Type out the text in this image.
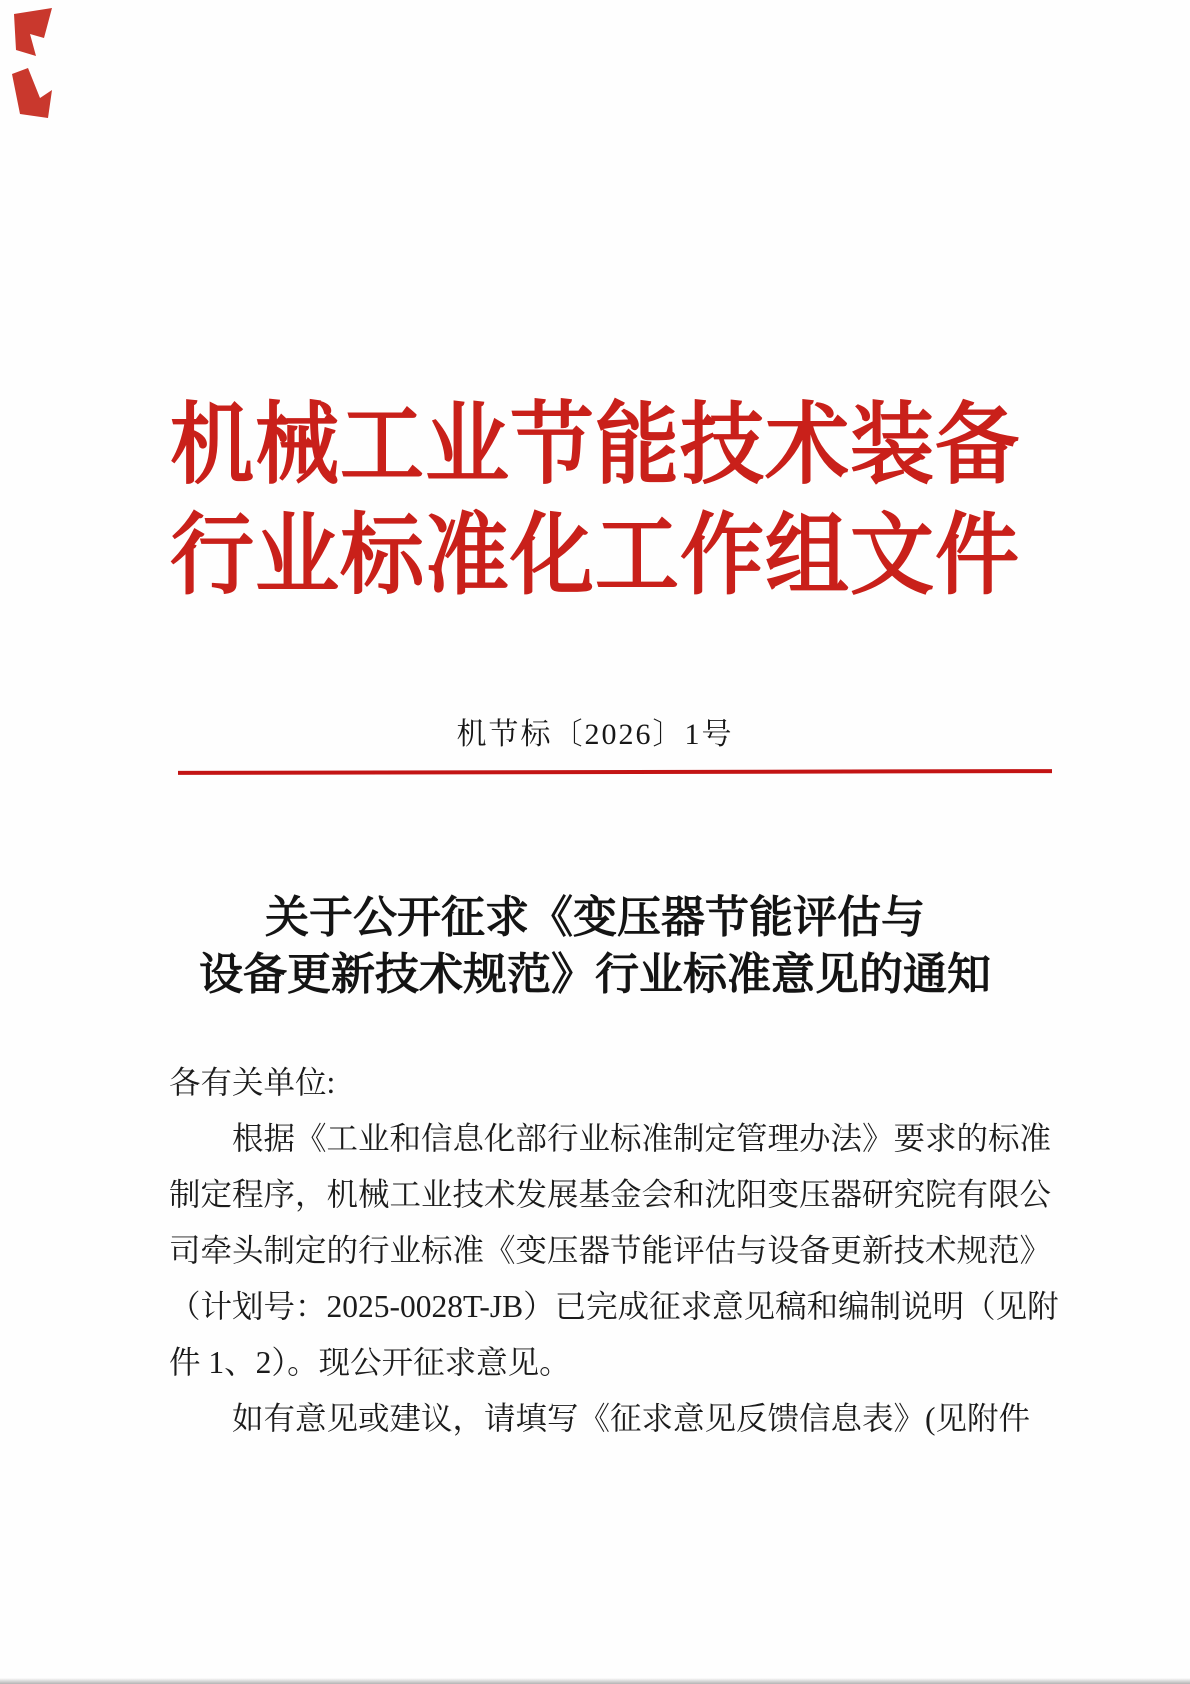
机械工业节能技术装备
行业标准化工作组文件
机节标〔2026〕1号
关于公开征求《变压器节能评估与
设备更新技术规范》行业标准意见的通知
各有关单位:
根据《工业和信息化部行业标准制定管理办法》要求的标准
制定程序，机械工业技术发展基金会和沈阳变压器研究院有限公
司牵头制定的行业标准《变压器节能评估与设备更新技术规范》
（计划号：2025-0028T-JB）已完成征求意见稿和编制说明（见附
件 1、2）。现公开征求意见。
如有意见或建议，请填写《征求意见反馈信息表》(见附件
